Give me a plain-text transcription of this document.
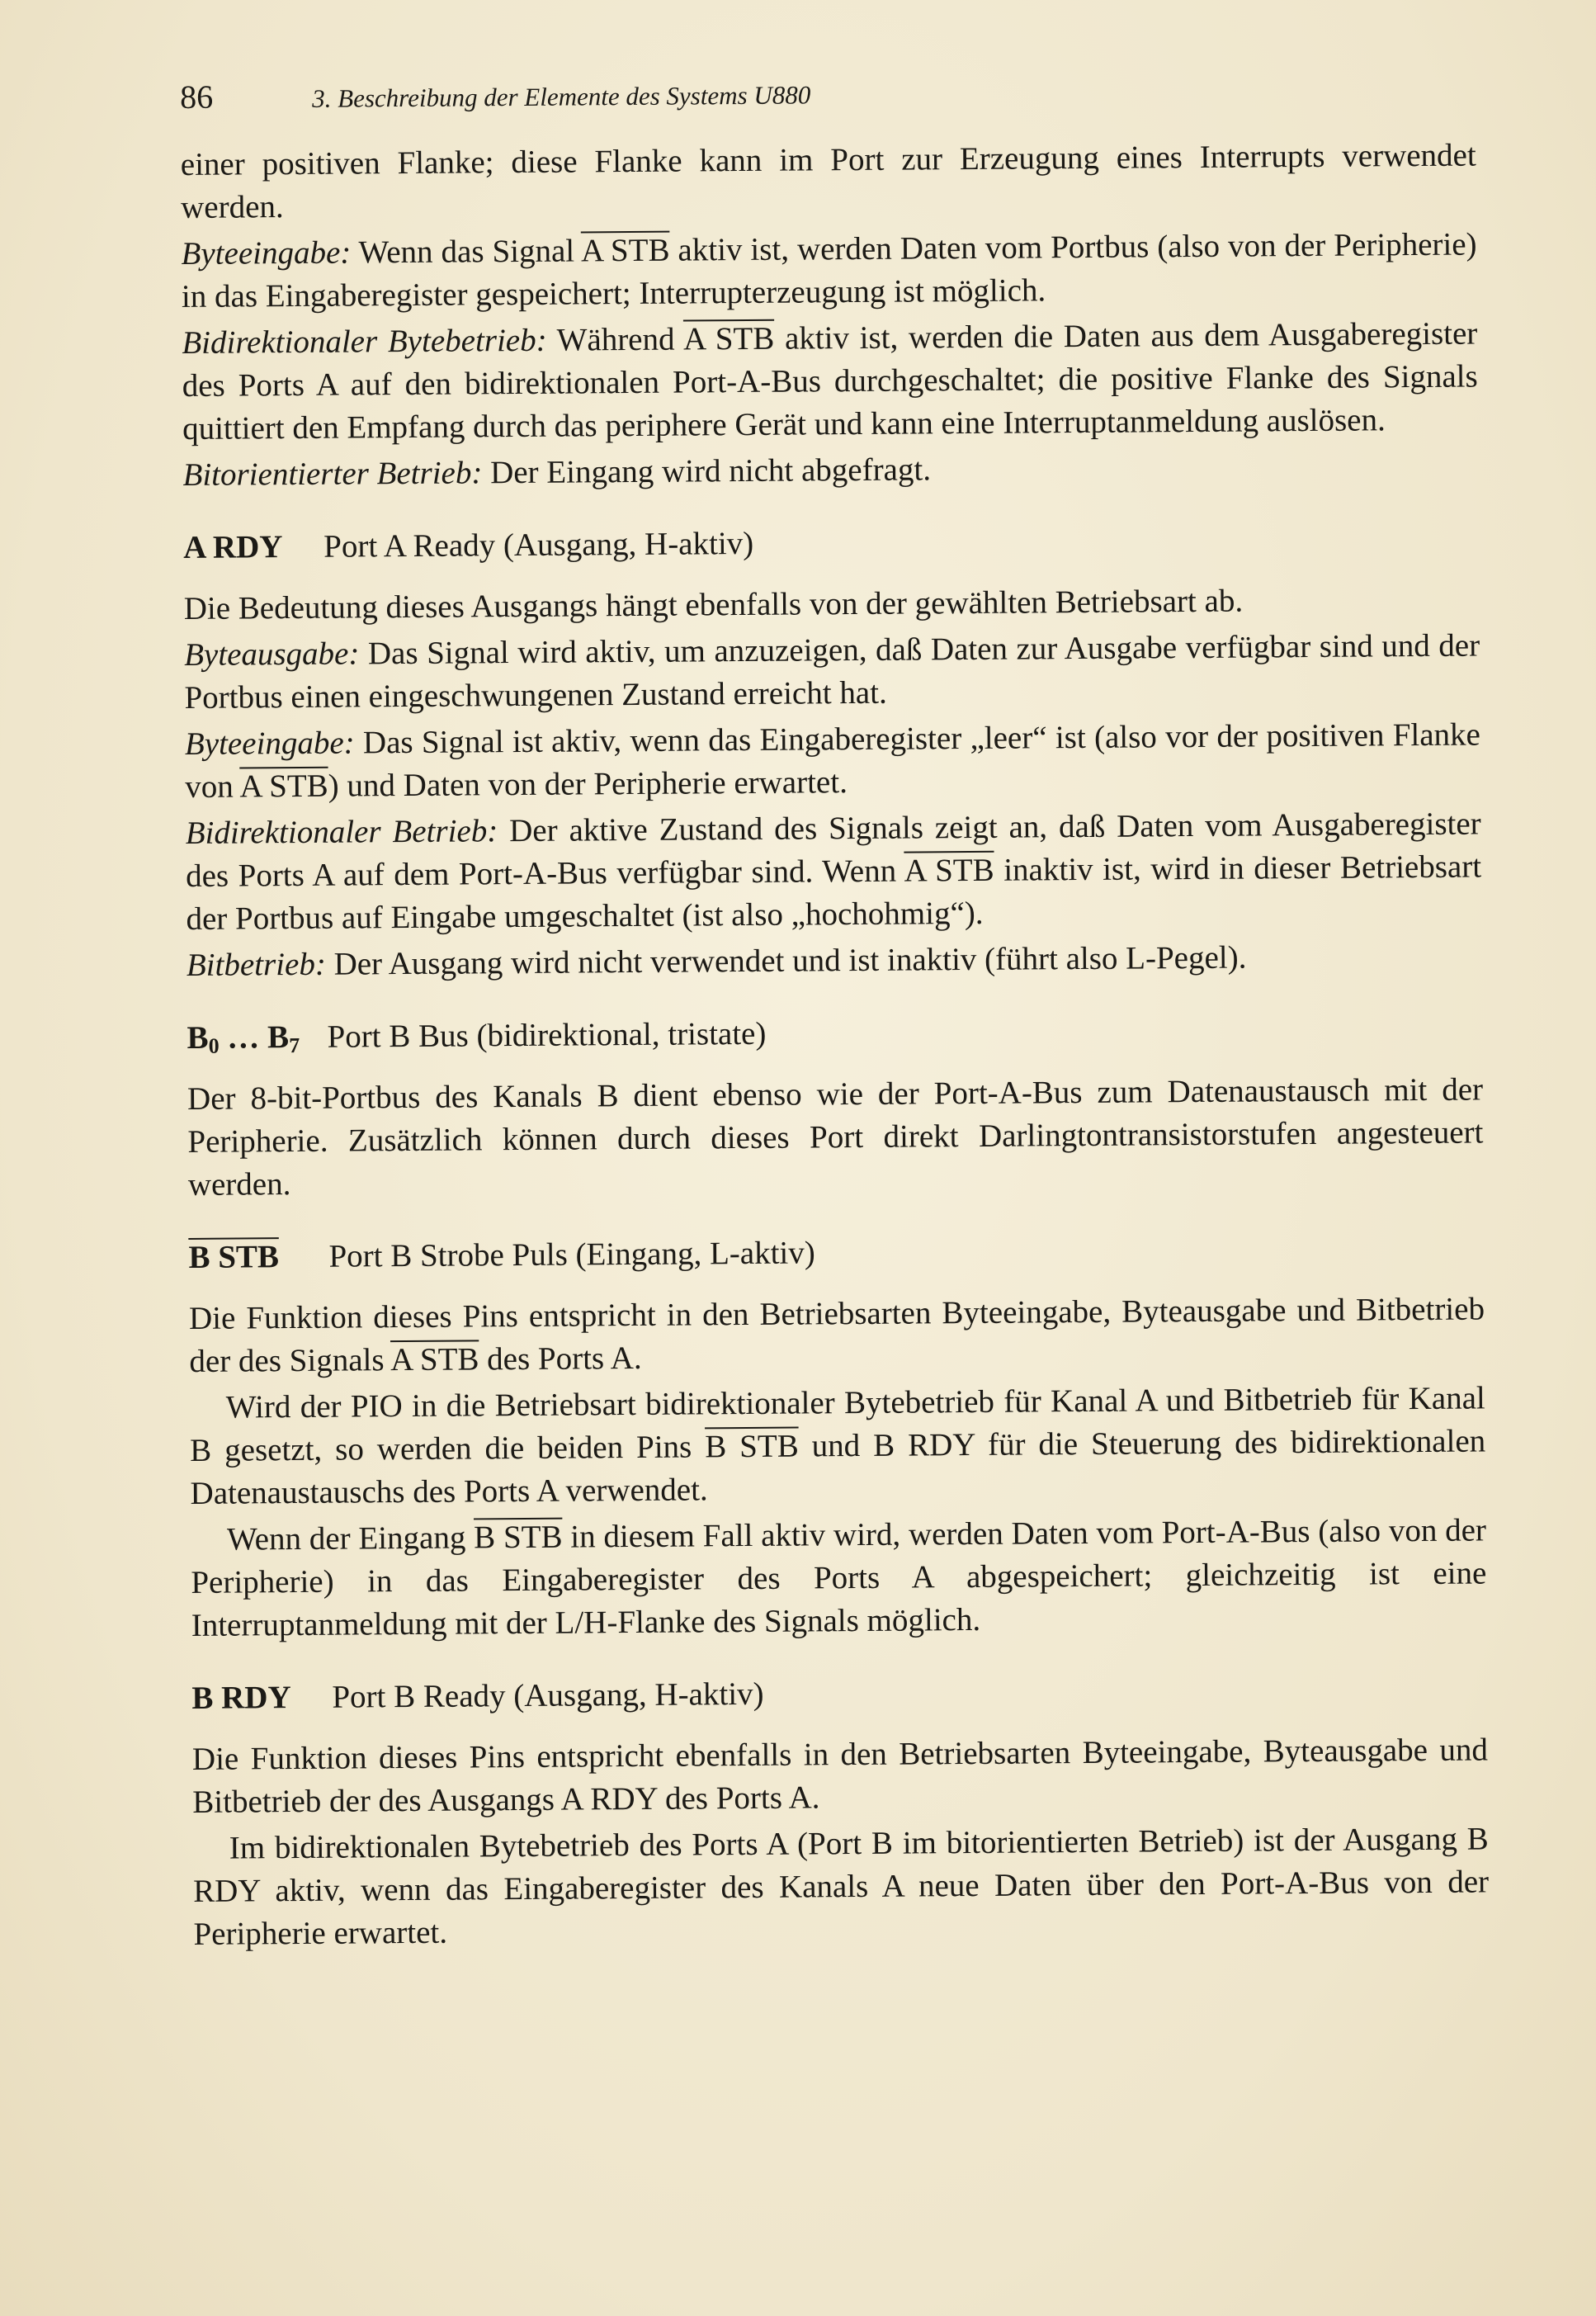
86	3. Beschreibung der Elemente des Systems U880

einer positiven Flanke; diese Flanke kann im Port zur Erzeugung eines Interrupts verwendet werden.

Byteeingabe: Wenn das Signal A STB aktiv ist, werden Daten vom Portbus (also von der Peripherie) in das Eingaberegister gespeichert; Interrupterzeugung ist möglich.

Bidirektionaler Bytebetrieb: Während A STB aktiv ist, werden die Daten aus dem Ausgaberegister des Ports A auf den bidirektionalen Port-A-Bus durchgeschaltet; die positive Flanke des Signals quittiert den Empfang durch das periphere Gerät und kann eine Interruptanmeldung auslösen.

Bitorientierter Betrieb: Der Eingang wird nicht abgefragt.

A RDY	Port A Ready (Ausgang, H-aktiv)

Die Bedeutung dieses Ausgangs hängt ebenfalls von der gewählten Betriebsart ab.

Byteausgabe: Das Signal wird aktiv, um anzuzeigen, daß Daten zur Ausgabe verfügbar sind und der Portbus einen eingeschwungenen Zustand erreicht hat.

Byteeingabe: Das Signal ist aktiv, wenn das Eingaberegister „leer“ ist (also vor der positiven Flanke von A STB) und Daten von der Peripherie erwartet.

Bidirektionaler Betrieb: Der aktive Zustand des Signals zeigt an, daß Daten vom Ausgaberegister des Ports A auf dem Port-A-Bus verfügbar sind. Wenn A STB inaktiv ist, wird in dieser Betriebsart der Portbus auf Eingabe umgeschaltet (ist also „hochohmig“).

Bitbetrieb: Der Ausgang wird nicht verwendet und ist inaktiv (führt also L-Pegel).

$B_0$ … $B_7$ Port B Bus (bidirektional, tristate)

Der 8-bit-Portbus des Kanals B dient ebenso wie der Port-A-Bus zum Datenaustausch mit der Peripherie. Zusätzlich können durch dieses Port direkt Darlingtontransistorstufen angesteuert werden.

B STB	Port B Strobe Puls (Eingang, L-aktiv)

Die Funktion dieses Pins entspricht in den Betriebsarten Byteeingabe, Byteausgabe und Bitbetrieb der des Signals A STB des Ports A.

Wird der PIO in die Betriebsart bidirektionaler Bytebetrieb für Kanal A und Bitbetrieb für Kanal B gesetzt, so werden die beiden Pins B STB und B RDY für die Steuerung des bidirektionalen Datenaustauschs des Ports A verwendet.

Wenn der Eingang B STB in diesem Fall aktiv wird, werden Daten vom Port-A-Bus (also von der Peripherie) in das Eingaberegister des Ports A abgespeichert; gleichzeitig ist eine Interruptanmeldung mit der L/H-Flanke des Signals möglich.

B RDY	Port B Ready (Ausgang, H-aktiv)

Die Funktion dieses Pins entspricht ebenfalls in den Betriebsarten Byteeingabe, Byteausgabe und Bitbetrieb der des Ausgangs A RDY des Ports A.

Im bidirektionalen Bytebetrieb des Ports A (Port B im bitorientierten Betrieb) ist der Ausgang B RDY aktiv, wenn das Eingaberegister des Kanals A neue Daten über den Port-A-Bus von der Peripherie erwartet.
